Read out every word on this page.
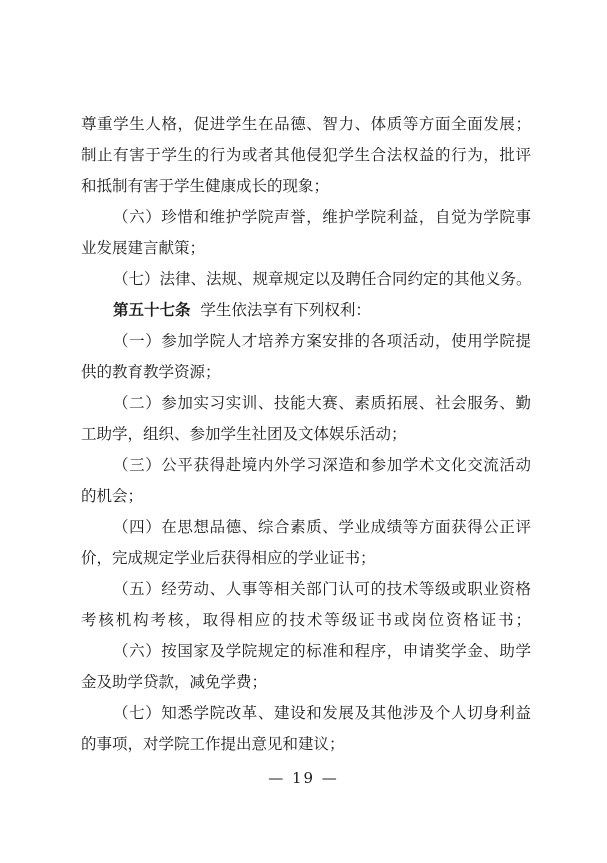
尊重学生人格，促进学生在品德、智力、体质等方面全面发展；
制止有害于学生的行为或者其他侵犯学生合法权益的行为，批评
和抵制有害于学生健康成长的现象；
（六）珍惜和维护学院声誉，维护学院利益，自觉为学院事
业发展建言献策；
（七）法律、法规、规章规定以及聘任合同约定的其他义务。
第五十七条 学生依法享有下列权利：
（一）参加学院人才培养方案安排的各项活动，使用学院提
供的教育教学资源；
（二）参加实习实训、技能大赛、素质拓展、社会服务、勤
工助学，组织、参加学生社团及文体娱乐活动；
（三）公平获得赴境内外学习深造和参加学术文化交流活动
的机会；
（四）在思想品德、综合素质、学业成绩等方面获得公正评
价，完成规定学业后获得相应的学业证书；
（五）经劳动、人事等相关部门认可的技术等级或职业资格
考核机构考核，取得相应的技术等级证书或岗位资格证书；
（六）按国家及学院规定的标准和程序，申请奖学金、助学
金及助学贷款，减免学费；
（七）知悉学院改革、建设和发展及其他涉及个人切身利益
的事项，对学院工作提出意见和建议；
— 19 —
